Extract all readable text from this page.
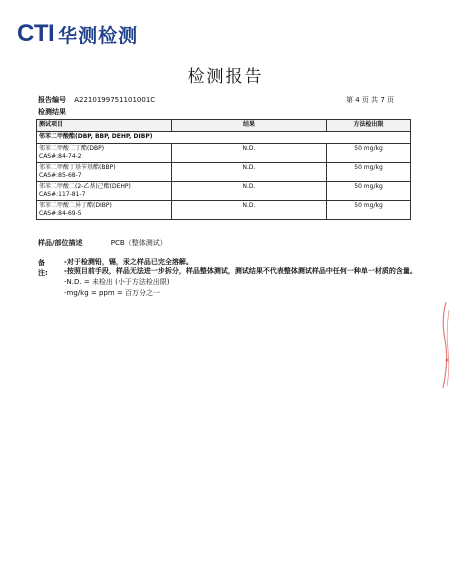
CTI 华测检测
检测报告
报告编号 A2210199751101001C	第 4 页 共 7 页
检测结果
测试项目	结果	方法检出限
邻苯二甲酸酯(DBP, BBP, DEHP, DIBP)		

邻苯二甲酸二丁酯(DBP)
CAS#:84-74-2	N.D.	50 mg/kg

邻苯二甲酸丁基苄基酯(BBP)
CAS#:85-68-7	N.D.	50 mg/kg

邻苯二甲酸二(2-乙基)己酯(DEHP)
CAS#:117-81-7	N.D.	50 mg/kg

邻苯二甲酸二异丁酯(DIBP)
CAS#:84-69-5	N.D.	50 mg/kg
样品/部位描述	PCB（整体测试）
备注:
-对于检测铅，镉，汞之样品已完全溶解。
-按照目前手段，样品无法进一步拆分，样品整体测试，测试结果不代表整体测试样品中任何一种单一材质的含量。
-N.D. = 未检出 (小于方法检出限)
-mg/kg = ppm = 百万分之一
